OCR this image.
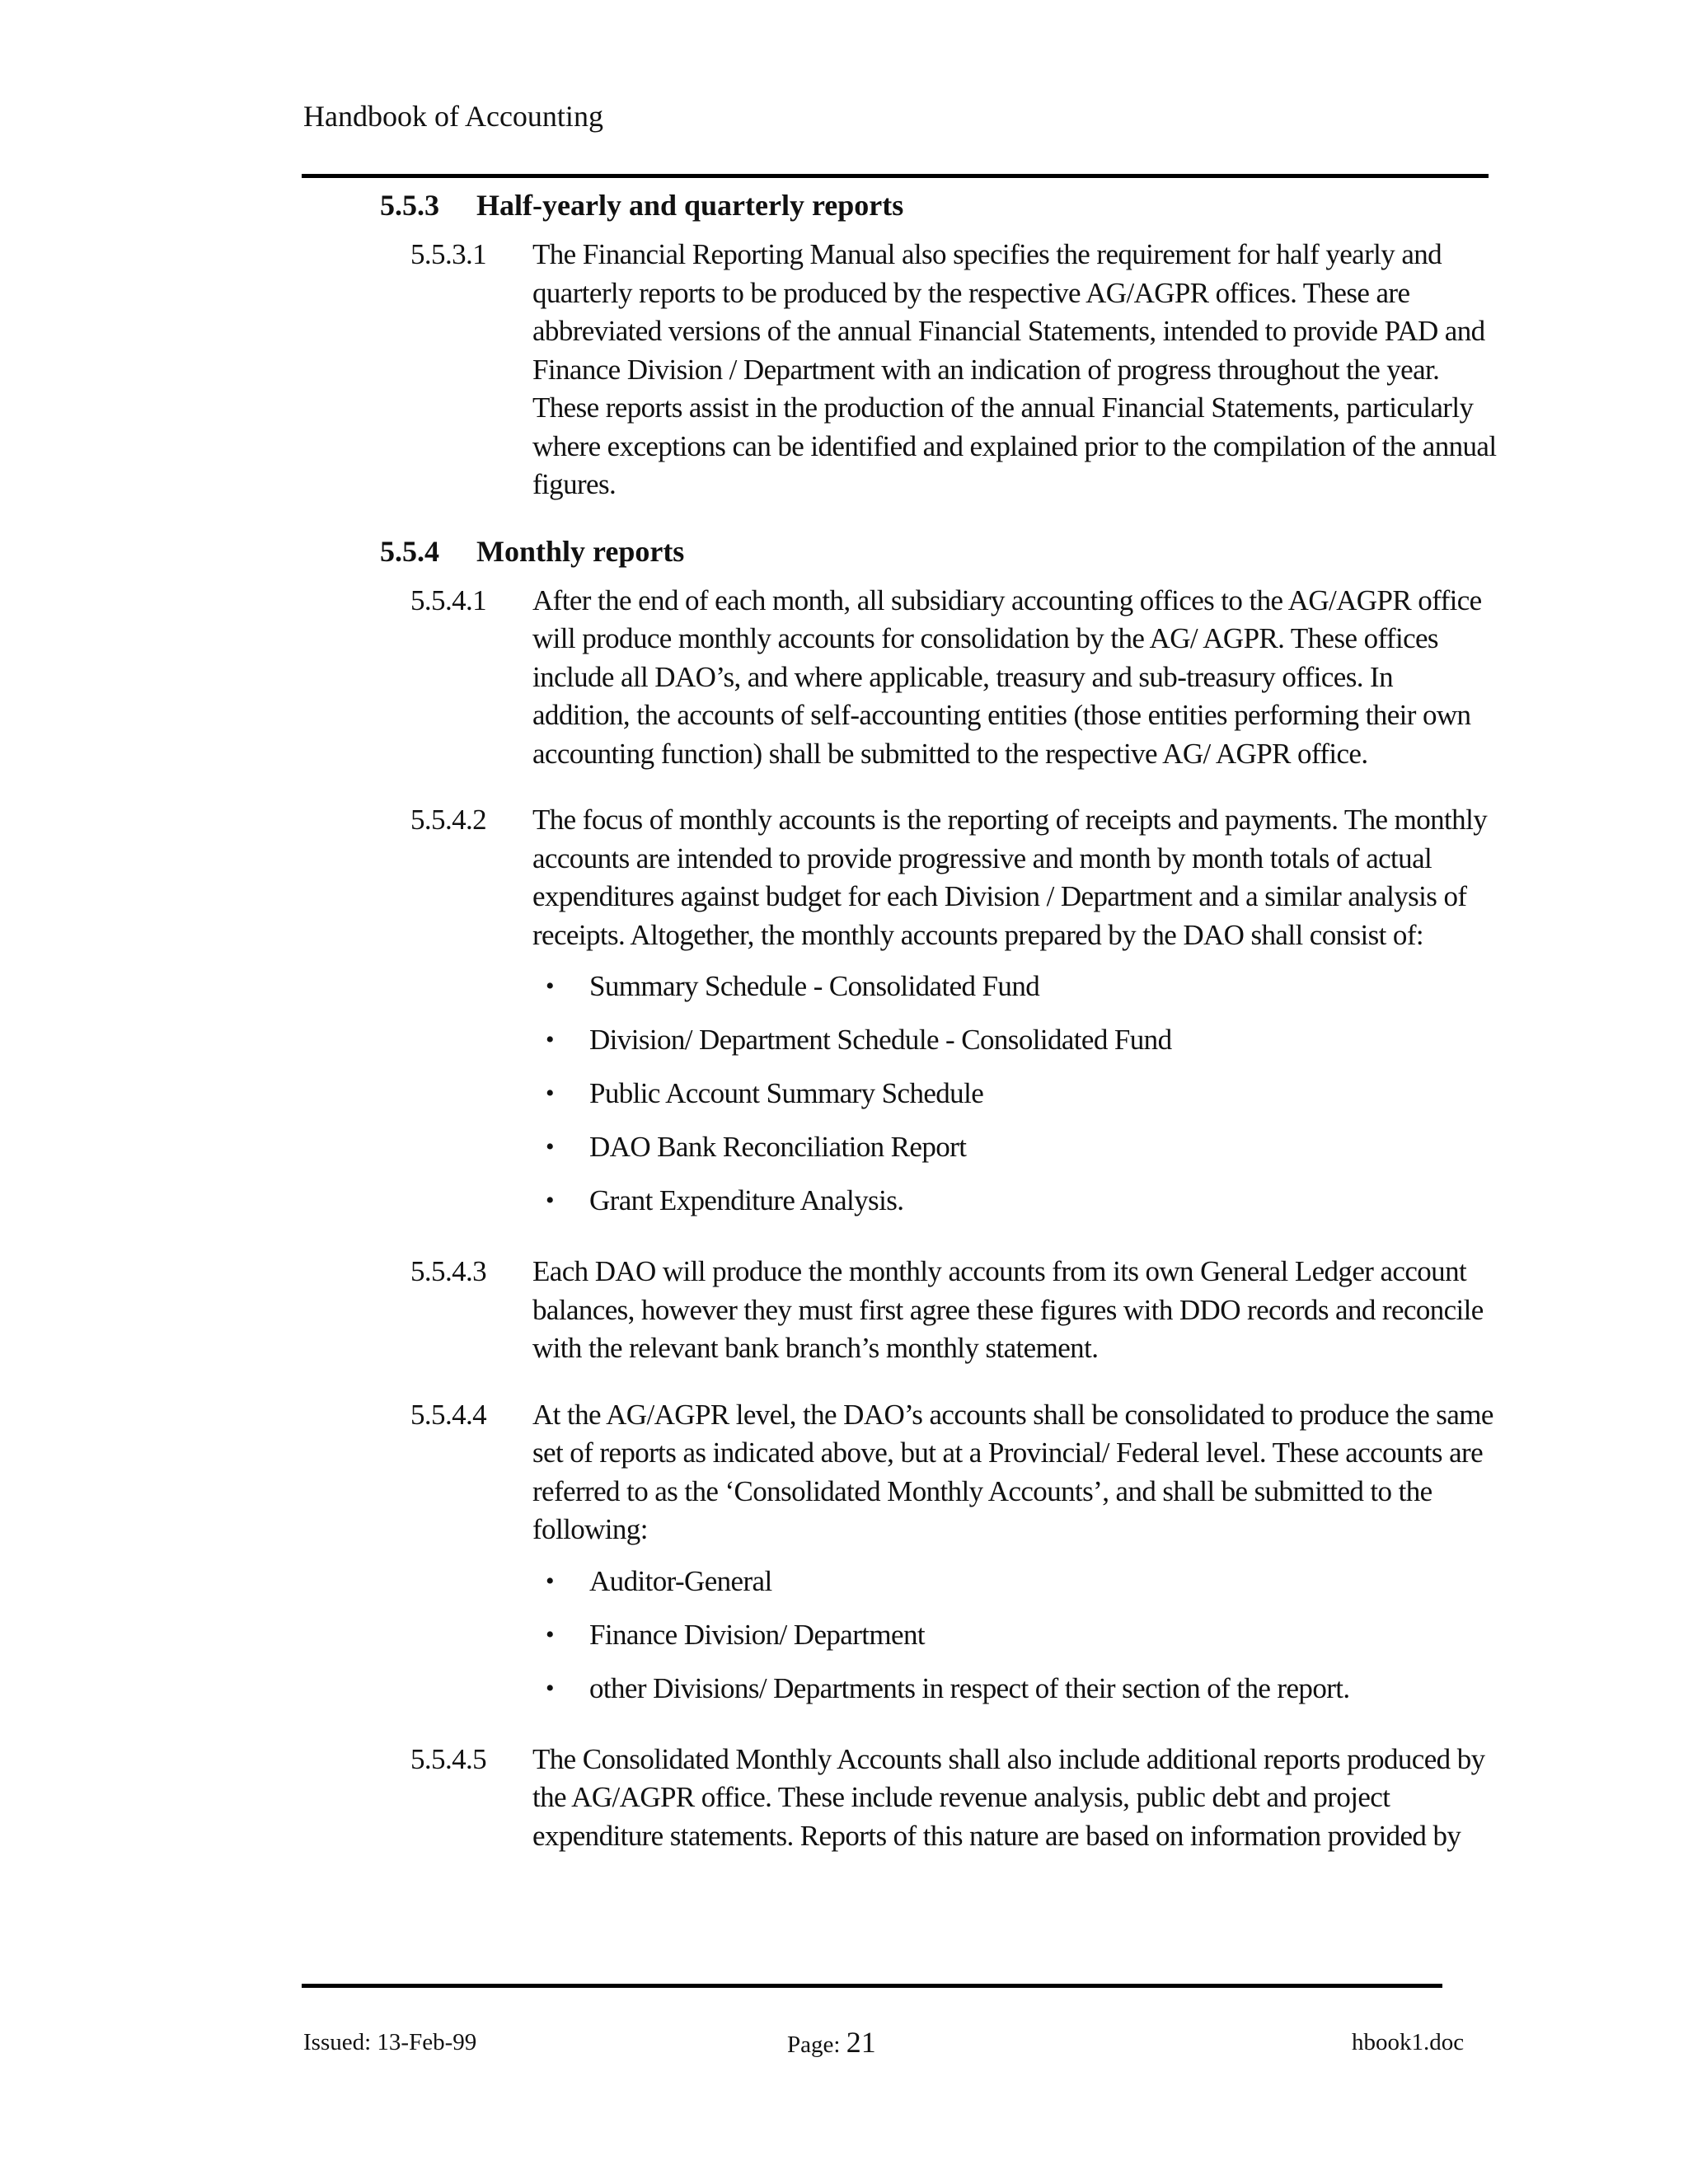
Handbook of Accounting
5.5.3 Half-yearly and quarterly reports
5.5.3.1	The Financial Reporting Manual also specifies the requirement for half yearly and quarterly reports to be produced by the respective AG/AGPR offices. These are abbreviated versions of the annual Financial Statements, intended to provide PAD and Finance Division / Department with an indication of progress throughout the year. These reports assist in the production of the annual Financial Statements, particularly where exceptions can be identified and explained prior to the compilation of the annual figures.
5.5.4 Monthly reports
5.5.4.1	After the end of each month, all subsidiary accounting offices to the AG/AGPR office will produce monthly accounts for consolidation by the AG/ AGPR. These offices include all DAO’s, and where applicable, treasury and sub-treasury offices. In addition, the accounts of self-accounting entities (those entities performing their own accounting function) shall be submitted to the respective AG/ AGPR office.
5.5.4.2	The focus of monthly accounts is the reporting of receipts and payments. The monthly accounts are intended to provide progressive and month by month totals of actual expenditures against budget for each Division / Department and a similar analysis of receipts. Altogether, the monthly accounts prepared by the DAO shall consist of:
• Summary Schedule - Consolidated Fund
• Division/ Department Schedule - Consolidated Fund
• Public Account Summary Schedule
• DAO Bank Reconciliation Report
• Grant Expenditure Analysis.
5.5.4.3	Each DAO will produce the monthly accounts from its own General Ledger account balances, however they must first agree these figures with DDO records and reconcile with the relevant bank branch’s monthly statement.
5.5.4.4	At the AG/AGPR level, the DAO’s accounts shall be consolidated to produce the same set of reports as indicated above, but at a Provincial/ Federal level. These accounts are referred to as the ‘Consolidated Monthly Accounts’, and shall be submitted to the following:
• Auditor-General
• Finance Division/ Department
• other Divisions/ Departments in respect of their section of the report.
5.5.4.5	The Consolidated Monthly Accounts shall also include additional reports produced by the AG/AGPR office. These include revenue analysis, public debt and project expenditure statements. Reports of this nature are based on information provided by
Issued: 13-Feb-99	Page: 21	hbook1.doc
